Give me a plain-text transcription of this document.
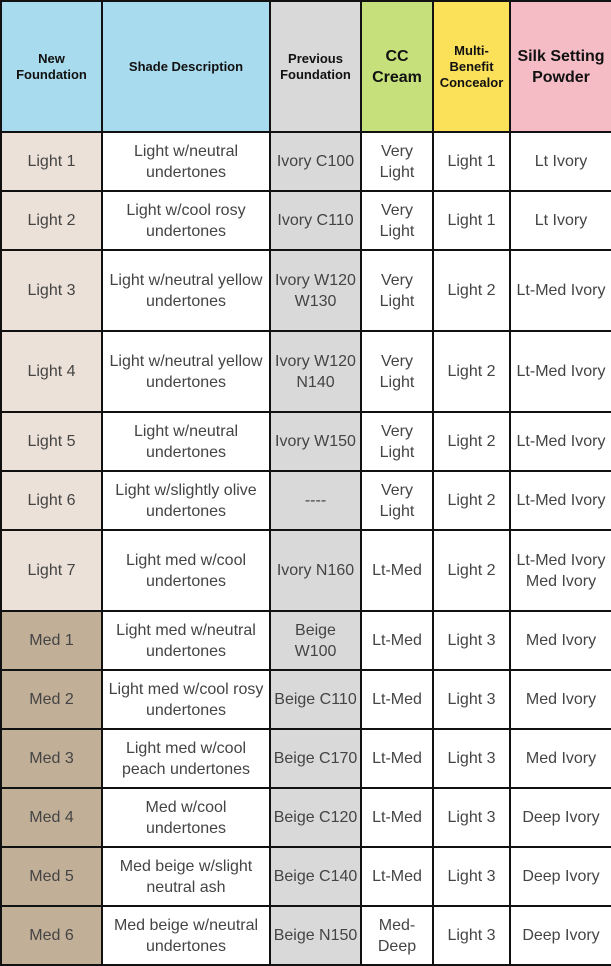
New Foundation	Shade Description	Previous Foundation	CC Cream	Multi-Benefit Concealor	Silk Setting Powder
Light 1	Light w/neutral undertones	Ivory C100	Very Light	Light 1	Lt Ivory
Light 2	Light w/cool rosy undertones	Ivory C110	Very Light	Light 1	Lt Ivory
Light 3	Light w/neutral yellow undertones	Ivory W120 W130	Very Light	Light 2	Lt-Med Ivory
Light 4	Light w/neutral yellow undertones	Ivory W120 N140	Very Light	Light 2	Lt-Med Ivory
Light 5	Light w/neutral undertones	Ivory W150	Very Light	Light 2	Lt-Med Ivory
Light 6	Light w/slightly olive undertones	----	Very Light	Light 2	Lt-Med Ivory
Light 7	Light med w/cool undertones	Ivory N160	Lt-Med	Light 2	Lt-Med Ivory Med Ivory
Med 1	Light med w/neutral undertones	Beige W100	Lt-Med	Light 3	Med Ivory
Med 2	Light med w/cool rosy undertones	Beige C110	Lt-Med	Light 3	Med Ivory
Med 3	Light med w/cool peach undertones	Beige C170	Lt-Med	Light 3	Med Ivory
Med 4	Med w/cool undertones	Beige C120	Lt-Med	Light 3	Deep Ivory
Med 5	Med beige w/slight neutral ash	Beige C140	Lt-Med	Light 3	Deep Ivory
Med 6	Med beige w/neutral undertones	Beige N150	Med-Deep	Light 3	Deep Ivory
